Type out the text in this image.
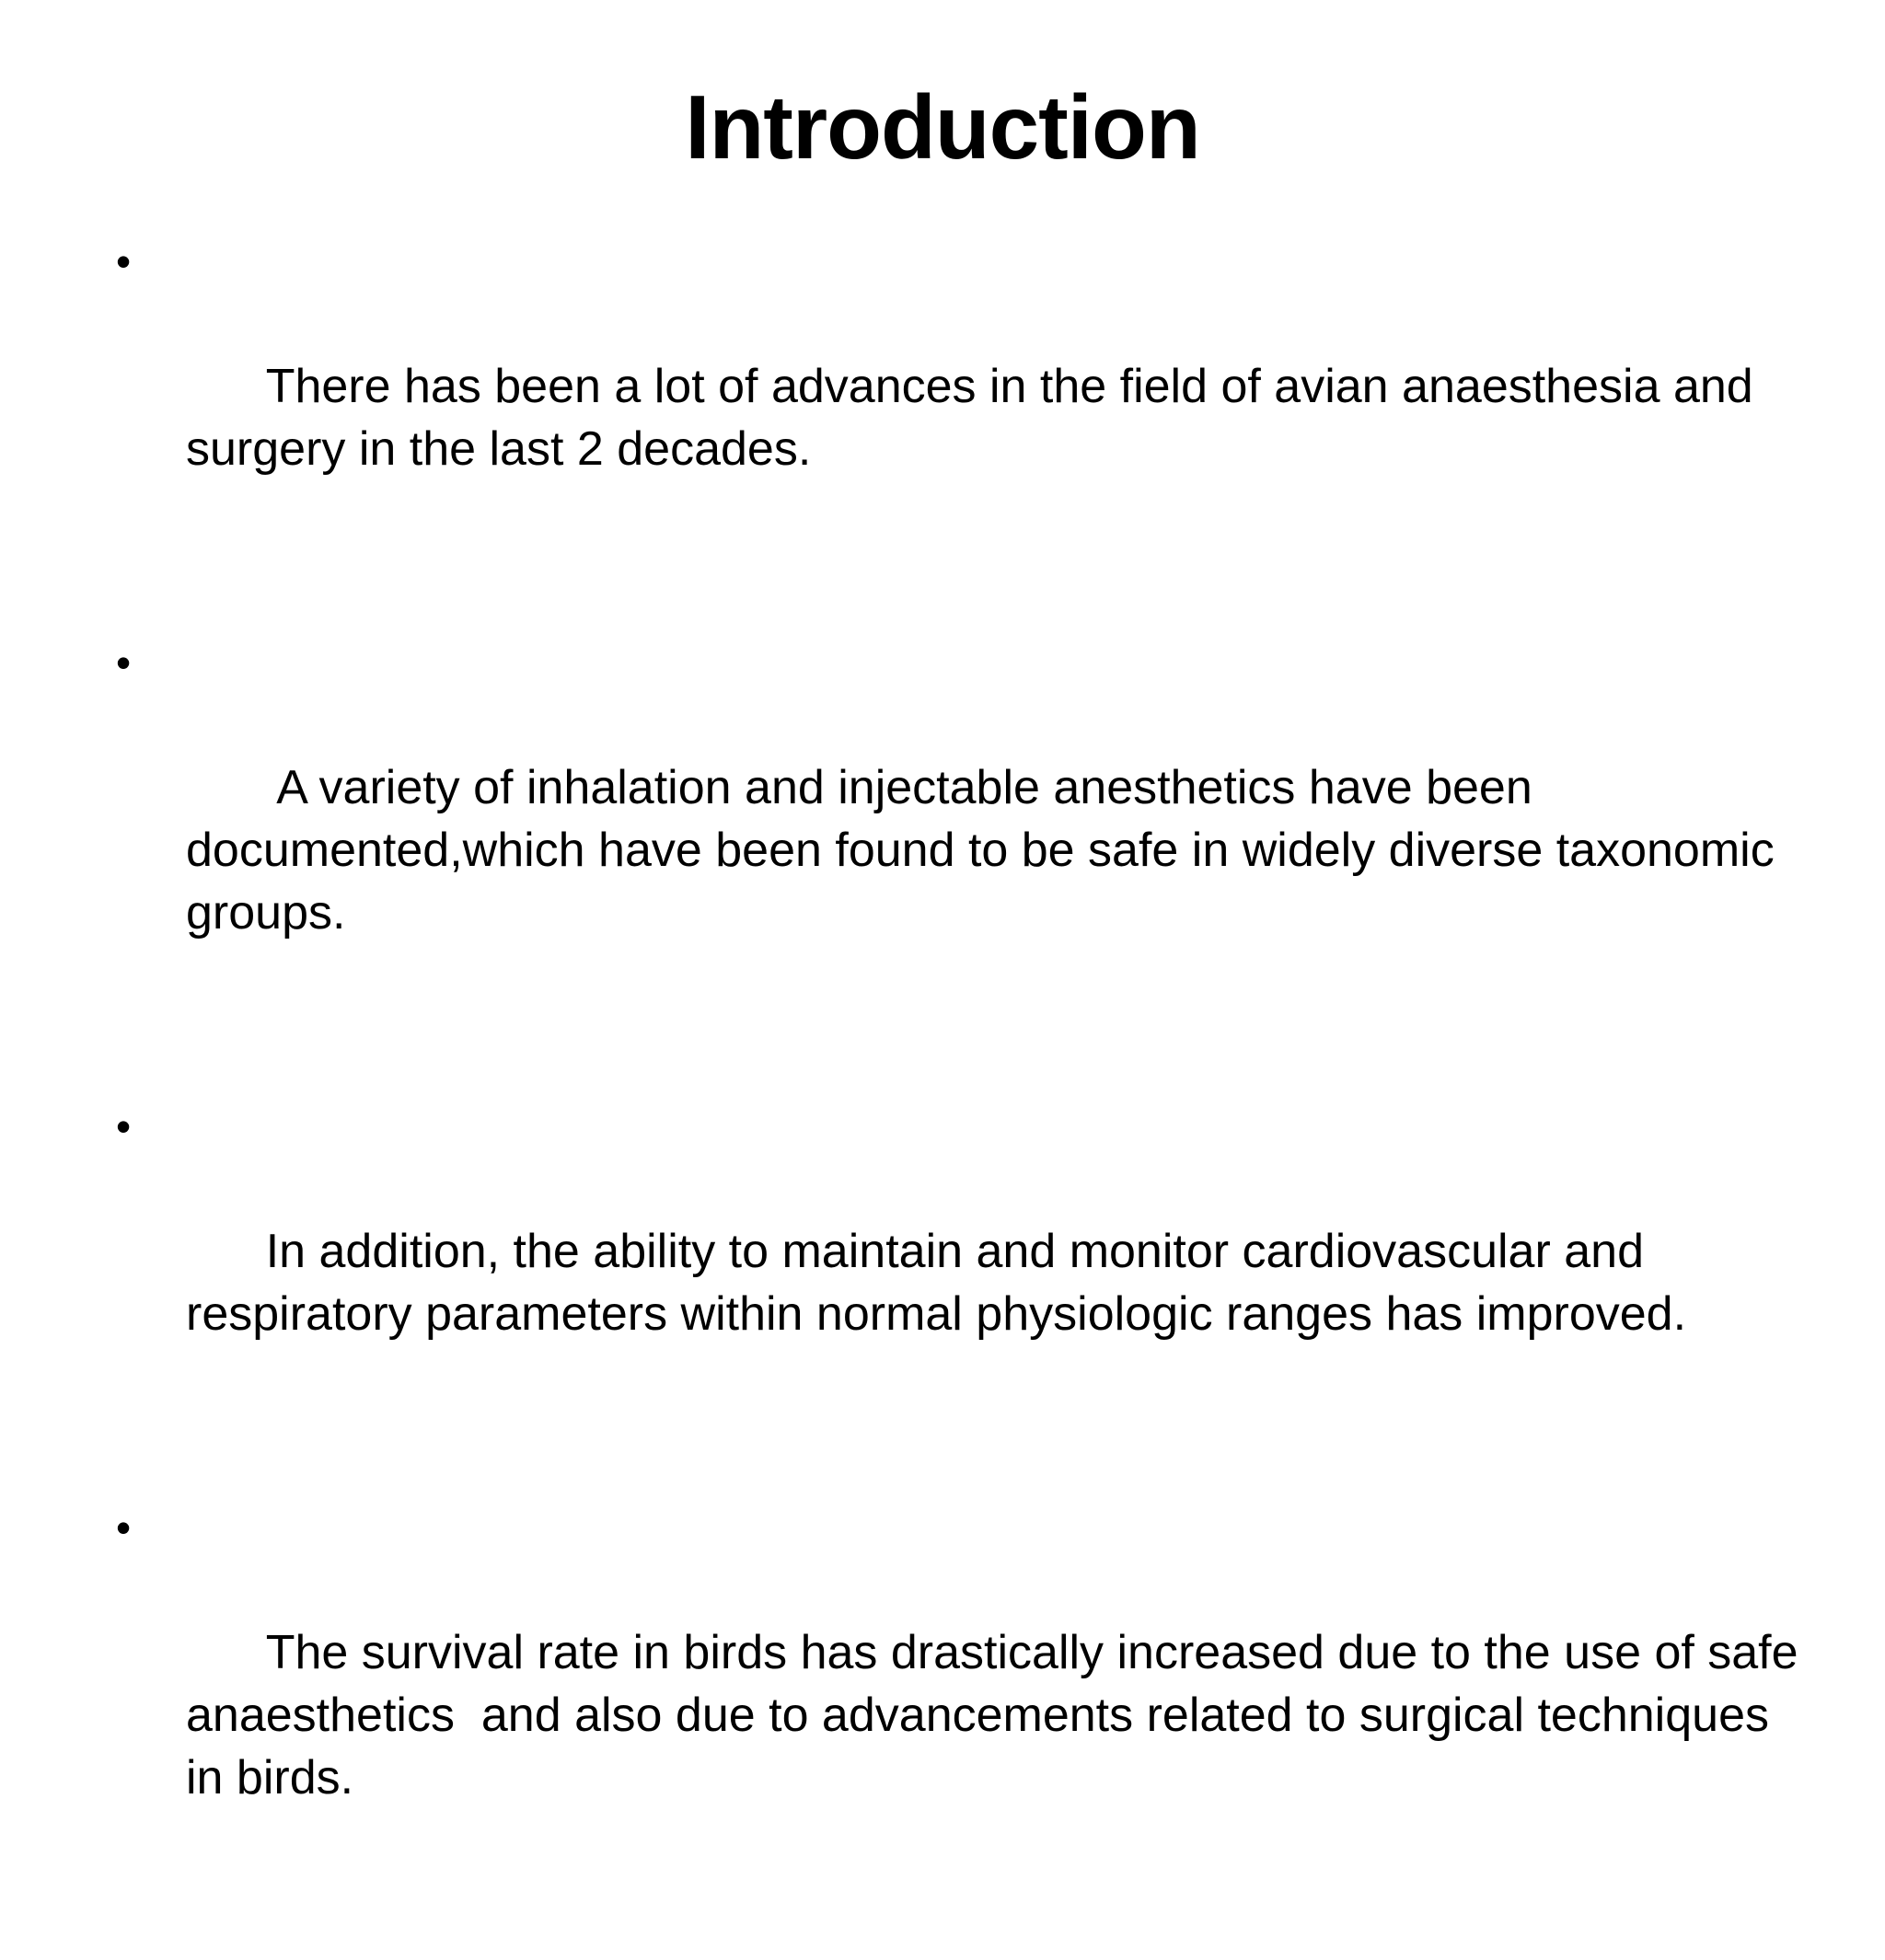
Introduction

•

There has been a lot of advances in the field of avian anaesthesia and surgery in the last 2 decades.

•

A variety of inhalation and injectable anesthetics have been documented,which have been found to be safe in widely diverse taxonomic groups.

•

In addition, the ability to maintain and monitor cardiovascular and respiratory parameters within normal physiologic ranges has improved.

•

The survival rate in birds has drastically increased due to the use of safe anaesthetics  and also due to advancements related to surgical techniques in birds.
